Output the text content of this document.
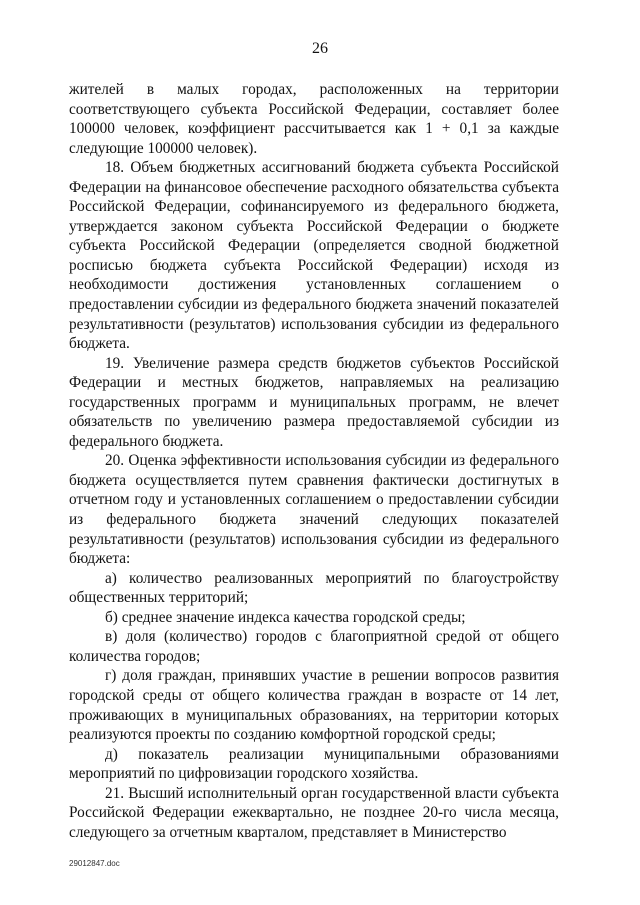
26

жителей в малых городах, расположенных на территории соответствующего субъекта Российской Федерации, составляет более 100000 человек, коэффициент рассчитывается как 1 + 0,1 за каждые следующие 100000 человек).

18. Объем бюджетных ассигнований бюджета субъекта Российской Федерации на финансовое обеспечение расходного обязательства субъекта Российской Федерации, софинансируемого из федерального бюджета, утверждается законом субъекта Российской Федерации о бюджете субъекта Российской Федерации (определяется сводной бюджетной росписью бюджета субъекта Российской Федерации) исходя из необходимости достижения установленных соглашением о предоставлении субсидии из федерального бюджета значений показателей результативности (результатов) использования субсидии из федерального бюджета.

19. Увеличение размера средств бюджетов субъектов Российской Федерации и местных бюджетов, направляемых на реализацию государственных программ и муниципальных программ, не влечет обязательств по увеличению размера предоставляемой субсидии из федерального бюджета.

20. Оценка эффективности использования субсидии из федерального бюджета осуществляется путем сравнения фактически достигнутых в отчетном году и установленных соглашением о предоставлении субсидии из федерального бюджета значений следующих показателей результативности (результатов) использования субсидии из федерального бюджета:

а) количество реализованных мероприятий по благоустройству общественных территорий;

б) среднее значение индекса качества городской среды;

в) доля (количество) городов с благоприятной средой от общего количества городов;

г) доля граждан, принявших участие в решении вопросов развития городской среды от общего количества граждан в возрасте от 14 лет, проживающих в муниципальных образованиях, на территории которых реализуются проекты по созданию комфортной городской среды;

д) показатель реализации муниципальными образованиями мероприятий по цифровизации городского хозяйства.

21. Высший исполнительный орган государственной власти субъекта Российской Федерации ежеквартально, не позднее 20-го числа месяца, следующего за отчетным кварталом, представляет в Министерство

29012847.doc
